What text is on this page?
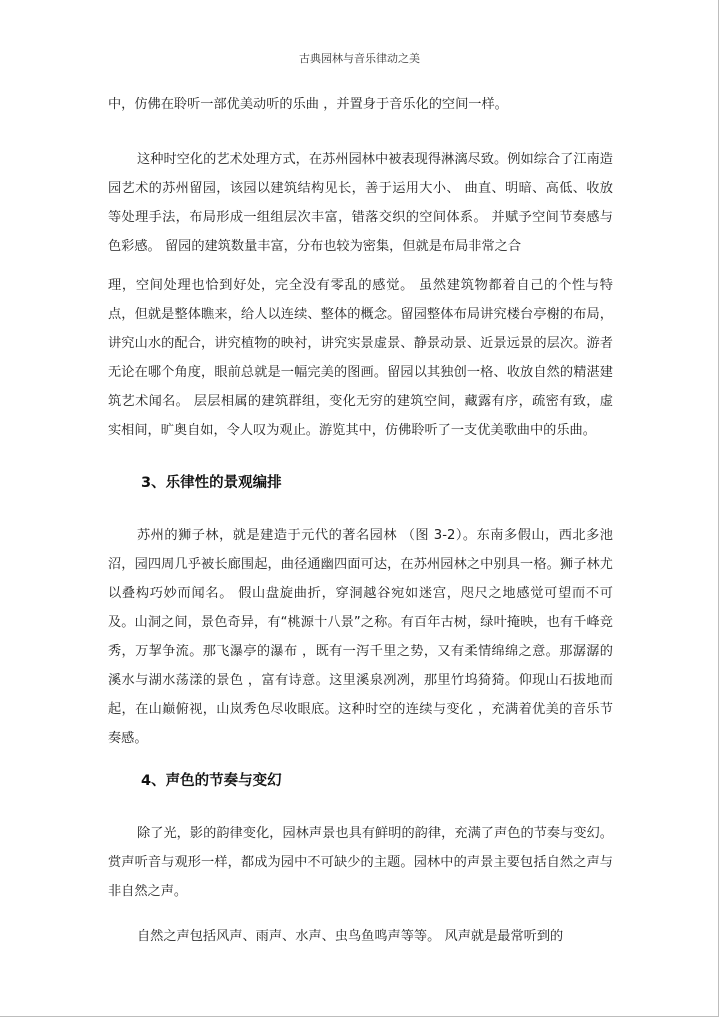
古典园林与音乐律动之美

中，仿佛在聆听一部优美动听的乐曲 ，并置身于音乐化的空间一样。

这种时空化的艺术处理方式，在苏州园林中被表现得淋漓尽致。例如综合了江南造园艺术的苏州留园，该园以建筑结构见长，善于运用大小、 曲直、明暗、高低、收放等处理手法，布局形成一组组层次丰富，错落交织的空间体系。 并赋予空间节奏感与色彩感。 留园的建筑数量丰富，分布也较为密集，但就是布局非常之合

理，空间处理也恰到好处，完全没有零乱的感觉。 虽然建筑物都着自己的个性与特点，但就是整体瞧来，给人以连续、整体的概念。留园整体布局讲究楼台亭榭的布局，讲究山水的配合，讲究植物的映衬，讲究实景虚景、静景动景、近景远景的层次。游者无论在哪个角度，眼前总就是一幅完美的图画。留园以其独创一格、收放自然的精湛建筑艺术闻名。 层层相属的建筑群组，变化无穷的建筑空间，藏露有序，疏密有致，虚实相间，旷奥自如，令人叹为观止。游览其中，仿佛聆听了一支优美歌曲中的乐曲。

3、乐律性的景观编排

苏州的狮子林，就是建造于元代的著名园林 （图 3-2）。东南多假山，西北多池沼，园四周几乎被长廊围起，曲径通幽四面可达，在苏州园林之中别具一格。狮子林尤以叠构巧妙而闻名。 假山盘旋曲折，穿洞越谷宛如迷宫，咫尺之地感觉可望而不可及。山洞之间，景色奇异，有“桃源十八景”之称。有百年古树，绿叶掩映，也有千峰竞秀，万挈争流。那飞瀑亭的瀑布 ，既有一泻千里之势，又有柔情绵绵之意。那潺潺的溪水与湖水荡漾的景色 ，富有诗意。这里溪泉冽冽，那里竹坞猗猗。仰现山石拔地而起，在山巅俯视，山岚秀色尽收眼底。这种时空的连续与变化 ，充满着优美的音乐节奏感。

4、声色的节奏与变幻

除了光，影的韵律变化，园林声景也具有鲜明的韵律，充满了声色的节奏与变幻。赏声听音与观形一样，都成为园中不可缺少的主题。园林中的声景主要包括自然之声与非自然之声。

自然之声包括风声、雨声、水声、虫鸟鱼鸣声等等。 风声就是最常听到的
